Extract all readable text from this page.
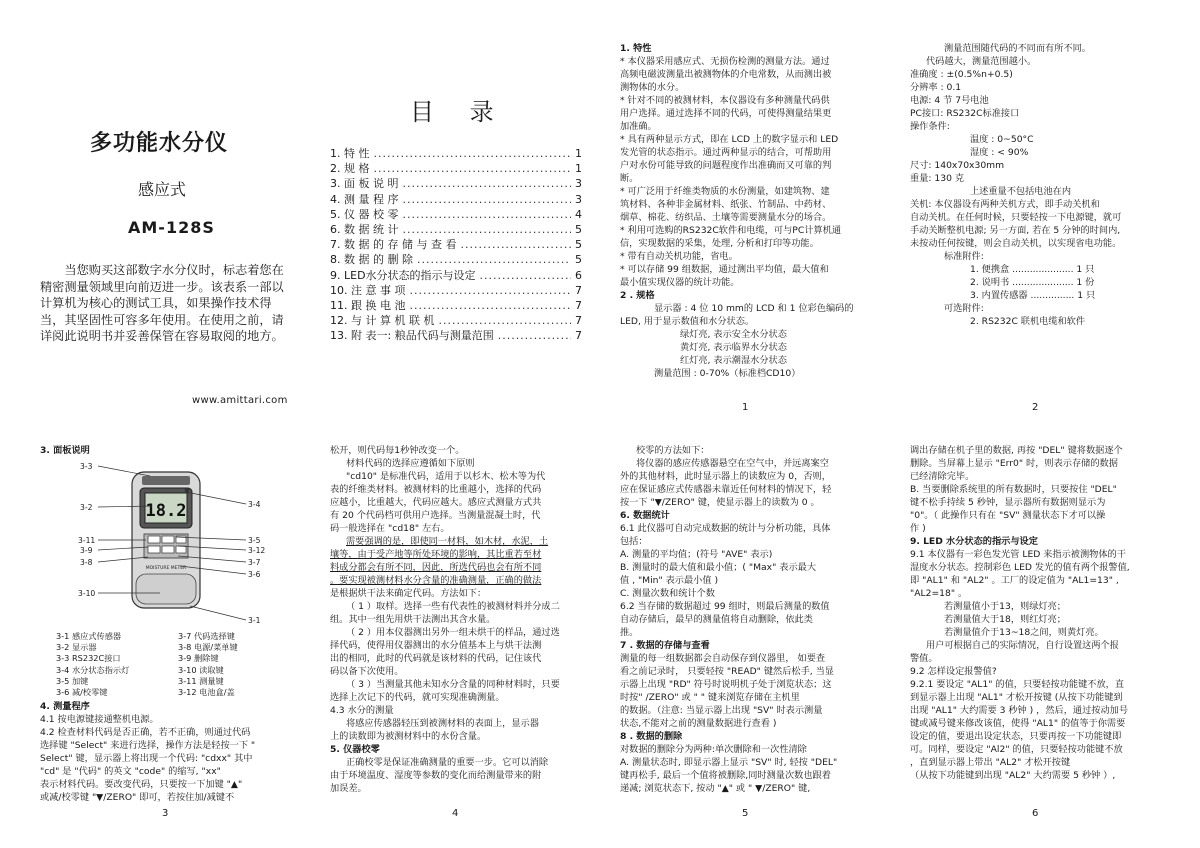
多功能水分仪
感应式
AM-128S
当您购买这部数字水分仪时，标志着您在精密测量领域里向前迈进一步。该表系一部以计算机为核心的测试工具，如果操作技术得当，其坚固性可容多年使用。在使用之前，请详阅此说明书并妥善保管在容易取阅的地方。
www.amittari.com
目 录
1. 特 性 .....	1
2. 规 格 .....	1
3. 面 板 说 明 .....	3
4. 测 量 程 序 .....	3
5. 仪 器 校 零 .....	4
6. 数 据 统 计 .....	5
7. 数 据 的 存 储 与 查 看 .....	5
8. 数 据 的 删 除 .....	5
9. LED水分状态的指示与设定 .....	6
10. 注 意 事 项 .....	7
11. 跟 换 电 池 .....	7
12. 与 计 算 机 联 机 .....	7
13. 附 表一: 粮品代码与测量范围 .....	7

1. 特性

* 本仪器采用感应式、无损伤检测的测量方法。通过

高频电磁波测量出被测物体的介电常数，从而测出被

测物体的水分。

* 针对不同的被测材料，本仪器设有多种测量代码供

用户选择。通过选择不同的代码，可使得测量结果更

加准确。

* 具有两种显示方式，即在 LCD 上的数字显示和 LED

发光管的状态指示。通过两种显示的结合，可帮助用

户对水份可能导致的问题程度作出准确而又可靠的判

断。

* 可广泛用于纤维类物质的水份测量，如建筑物、建

筑材料、各种非金属材料、纸张、竹制品、中药材、

烟草、棉花、纺织品、土壤等需要测量水分的场合。

* 利用可选购的RS232C软件和电缆，可与PC计算机通

信，实现数据的采集，处理, 分析和打印等功能。

* 带有自动关机功能，省电。

* 可以存储 99 组数据，通过测出平均值，最大值和

最小值实现仪器的统计功能。

2 . 规格

显示器 : 4 位 10 mm的 LCD 和 1 位彩色编码的

LED, 用于显示数值和水分状态。

绿灯亮, 表示安全水分状态

黄灯亮, 表示临界水分状态

红灯亮, 表示潮湿水分状态

测量范围 : 0-70%（标准档CD10）

1

测量范围随代码的不同而有所不同。

代码越大，测量范围越小。

准确度 : ±(0.5%n+0.5)

分辨率 : 0.1

电源: 4 节 7号电池

PC接口: RS232C标准接口

操作条件:

温度 : 0~50°C

湿度 : < 90%

尺寸: 140x70x30mm

重量: 130 克

上述重量不包括电池在内

关机: 本仪器设有两种关机方式，即手动关机和

自动关机。在任何时候，只要轻按一下电源键，就可

手动关断整机电源; 另一方面, 若在 5 分钟的时间内,

未按动任何按键，则会自动关机，以实现省电功能。

标准附件:

1. 便携盒 ..................... 1 只

2. 说明书 ..................... 1 份

3. 内置传感器 ............... 1 只

可选附件:

2. RS232C 联机电缆和软件

2

3. 面板说明

18.2
MOISTURE METER
3-3
3-2
3-11
3-9
3-8
3-10
3-4
3-5
3-12
3-7
3-6
3-1
3-1 感应式传感器
3-2 显示器
3-3 RS232C接口
3-4 水分状态指示灯
3-5 加键
3-6 减/校零键
3-7 代码选择键
3-8 电源/菜单键
3-9 删除键
3-10 读取键
3-11 测量键
3-12 电池盒/盖

4. 测量程序

4.1 按电源键接通整机电源。

4.2 检查材料代码是否正确，若不正确，则通过代码

选择键 "Select" 来进行选择，操作方法是轻按一下 "

Select" 键，显示器上将出现一个代码: "cdxx" 其中

"cd" 是 "代码" 的英文 "code" 的缩写, "xx"

表示材料代码。要改变代码，只要按一下加键 "▲"

或减/校零键 "▼/ZERO" 即可，若按住加/减键不

3

松开，则代码每1秒钟改变一个。

材料代码的选择应遵循如下原则

"cd10" 是标准代码，适用于以杉木、松木等为代

表的纤维类材料。被测材料的比重越小，选择的代码

应越小，比重越大，代码应越大。感应式测量方式共

有 20 个代码档可供用户选择。当测量混凝土时，代

码一般选择在 "cd18" 左右。

需要强调的是，即使同一材料，如木材，水泥，土

壤等，由于受产地等所处环境的影响，其比重若至材

料成分都会有所不同，因此，所选代码也会有所不同

。要实现被测材料水分含量的准确测量，正确的做法

是根据烘干法来确定代码。方法如下：

（ 1 ）取样。选择一些有代表性的被测材料并分成二

组。其中一组先用烘干法测出其含水量。

（ 2 ）用本仪器测出另外一组未烘干的样品，通过选

择代码，使得用仪器测出的水分值基本上与烘干法测

出的相同，此时的代码就是该材料的代码，记住该代

码以备下次使用。

（ 3 ）当测量其他未知水分含量的同种材料时，只要

选择上次记下的代码，就可实现准确测量。

4.3 水分的测量

将感应传感器轻压到被测材料的表面上，显示器

上的读数即为被测材料中的水份含量。

5. 仪器校零

正确校零是保证准确测量的重要一步。它可以消除

由于环境温度、湿度等参数的变化而给测量带来的附

加误差。

4

校零的方法如下：

将仪器的感应传感器悬空在空气中，并远离案空

外的其他材料，此时显示器上的读数应为 0，否则，

应在保证感应式传感器未靠近任何材料的情况下，轻

按一下 "▼/ZERO" 键，使显示器上的读数为 0 。

6. 数据统计

6.1 此仪器可自动完成数据的统计与分析功能，具体

包括：

A. 测量的平均值；(符号 "AVE" 表示)

B. 测量时的最大值和最小值；( "Max" 表示最大

值 , "Min" 表示最小值 )

C. 测量次数和统计个数

6.2 当存储的数据超过 99 组时，则最后测量的数值

自动存储后，最早的测量值将自动删除，依此类

推。

7 . 数据的存储与查看

测量的每一组数据都会自动保存到仪器里， 如要查

看之前记录时， 只要轻按 "READ" 键然后松手, 当显

示器上出现 "RD" 符号时说明机子处于浏览状态；这

时按" /ZERO" 或 " " 键来浏览存储在主机里

的数据。（注意: 当显示器上出现 "SV" 时表示测量

状态,不能对之前的测量数据进行查看 )

8 . 数据的删除

对数据的删除分为两种:单次删除和一次性清除

A. 测量状态时, 即显示器上显示 "SV" 时, 轻按 "DEL"

键再松手, 最后一个值将被删除,同时测量次数也跟着

递减; 浏览状态下, 按动 "▲" 或 " ▼/ZERO" 键,

5

调出存储在机子里的数据, 再按 "DEL" 键将数据逐个

删除。当屏幕上显示 "Err0" 时，则表示存储的数据

已经清除完毕。

B. 当要删除系统里的所有数据时，只要按住 "DEL"

键不松手持续 5 秒钟，显示器所有数据则显示为

"0"。（ 此操作只有在 "SV" 测量状态下才可以操

作 )

9. LED 水分状态的指示与设定

9.1 本仪器有一彩色发光管 LED 来指示被测物体的干

湿度水分状态。控制彩色 LED 发光的值有两个报警值,

即 "AL1" 和 "AL2" 。工厂的设定值为 "AL1=13" ,

"AL2=18" 。

若测量值小于13，则绿灯亮；

若测量值大于18，则红灯亮；

若测量值介于13~18之间，则黄灯亮。

用户可根据自己的实际情况，自行设置这两个报

警值。

9.2 怎样设定报警值?

9.2.1 要设定 "AL1" 的值，只要轻按功能键不放，直

到显示器上出现 "AL1" 才松开按键 (从按下功能键到

出现 "AL1" 大约需要 3 秒钟 ) ，然后，通过按动加号

键或减号键来修改该值，使得 "AL1" 的值等于你需要

设定的值，要退出设定状态，只要再按一下功能键即

可。同样，要设定 "Al2" 的值，只要轻按功能键不放

，直到显示器上带出 "AL2" 才松开按键

（从按下功能键到出现 "AL2" 大约需要 5 秒钟 ）,

6
